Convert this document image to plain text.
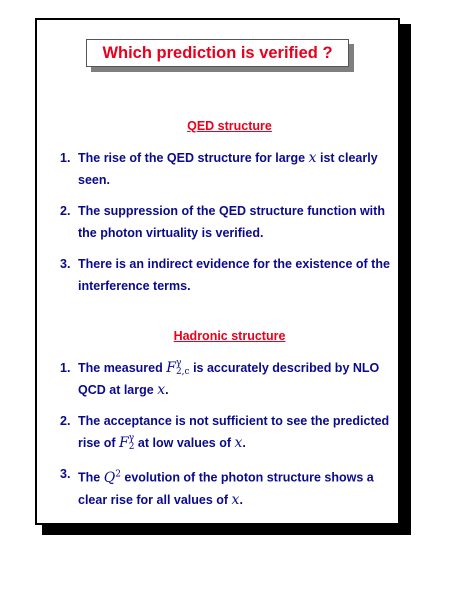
Which prediction is verified ?
QED structure
1. The rise of the QED structure for large x ist clearly seen.
2. The suppression of the QED structure function with the photon virtuality is verified.
3. There is an indirect evidence for the existence of the interference terms.
Hadronic structure
1. The measured F γ
2,c is accurately described by NLO QCD at large x.
2. The acceptance is not sufficient to see the predicted rise of F γ
2 at low values of x.
3. The $Q^2$ evolution of the photon structure shows a clear rise for all values of x.
